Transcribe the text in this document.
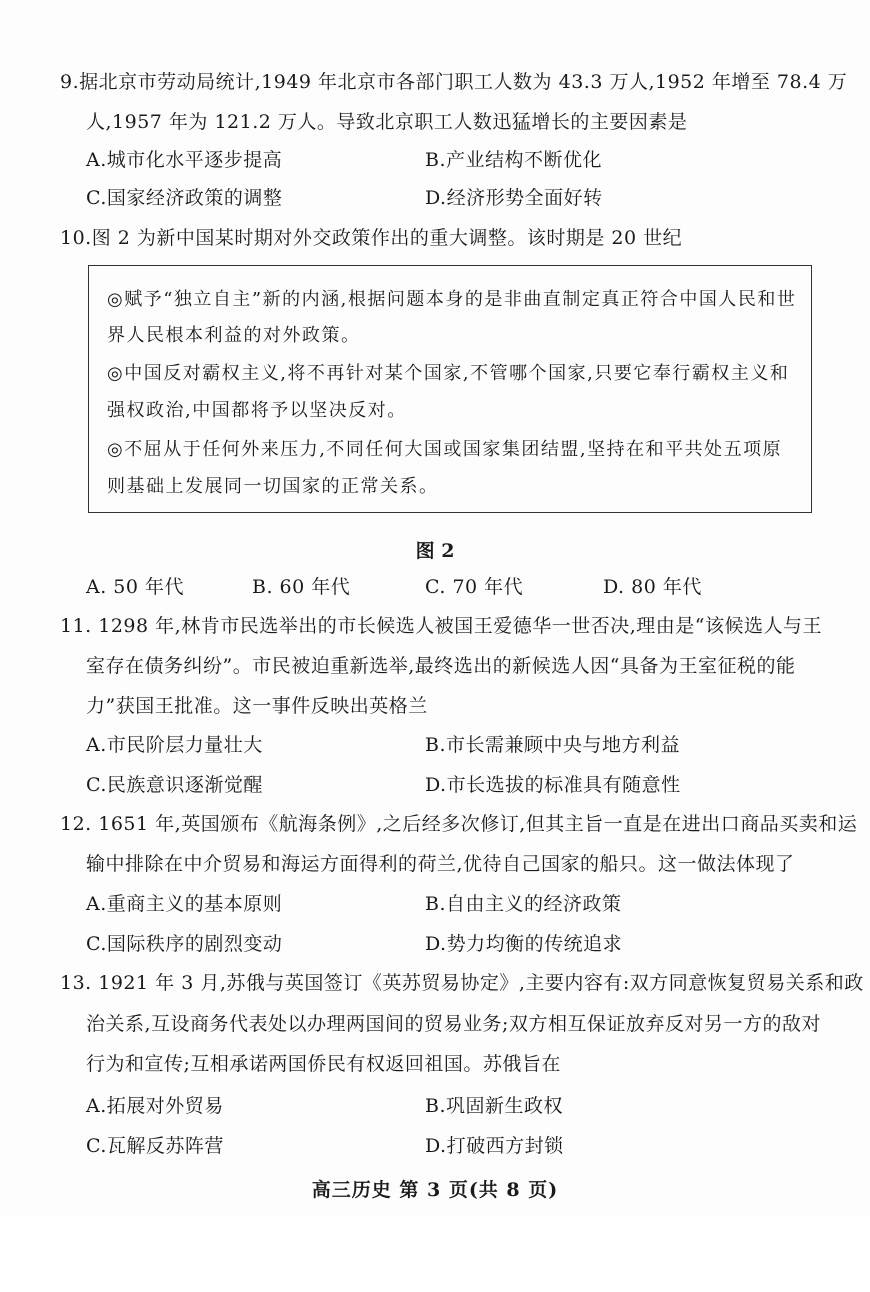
9.据北京市劳动局统计,1949 年北京市各部门职工人数为 43.3 万人,1952 年增至 78.4 万
人,1957 年为 121.2 万人。导致北京职工人数迅猛增长的主要因素是
A.城市化水平逐步提高	B.产业结构不断优化
C.国家经济政策的调整	D.经济形势全面好转
10.图 2 为新中国某时期对外交政策作出的重大调整。该时期是 20 世纪
◎赋予“独立自主”新的内涵,根据问题本身的是非曲直制定真正符合中国人民和世
界人民根本利益的对外政策。
◎中国反对霸权主义,将不再针对某个国家,不管哪个国家,只要它奉行霸权主义和
强权政治,中国都将予以坚决反对。
◎不屈从于任何外来压力,不同任何大国或国家集团结盟,坚持在和平共处五项原
则基础上发展同一切国家的正常关系。
图 2
A. 50 年代	B. 60 年代	C. 70 年代	D. 80 年代
11. 1298 年,林肯市民选举出的市长候选人被国王爱德华一世否决,理由是“该候选人与王
室存在债务纠纷”。市民被迫重新选举,最终选出的新候选人因“具备为王室征税的能
力”获国王批准。这一事件反映出英格兰
A.市民阶层力量壮大	B.市长需兼顾中央与地方利益
C.民族意识逐渐觉醒	D.市长选拔的标准具有随意性
12. 1651 年,英国颁布《航海条例》,之后经多次修订,但其主旨一直是在进出口商品买卖和运
输中排除在中介贸易和海运方面得利的荷兰,优待自己国家的船只。这一做法体现了
A.重商主义的基本原则	B.自由主义的经济政策
C.国际秩序的剧烈变动	D.势力均衡的传统追求
13. 1921 年 3 月,苏俄与英国签订《英苏贸易协定》,主要内容有:双方同意恢复贸易关系和政
治关系,互设商务代表处以办理两国间的贸易业务;双方相互保证放弃反对另一方的敌对
行为和宣传;互相承诺两国侨民有权返回祖国。苏俄旨在
A.拓展对外贸易	B.巩固新生政权
C.瓦解反苏阵营	D.打破西方封锁
高三历史 第 3 页(共 8 页)
